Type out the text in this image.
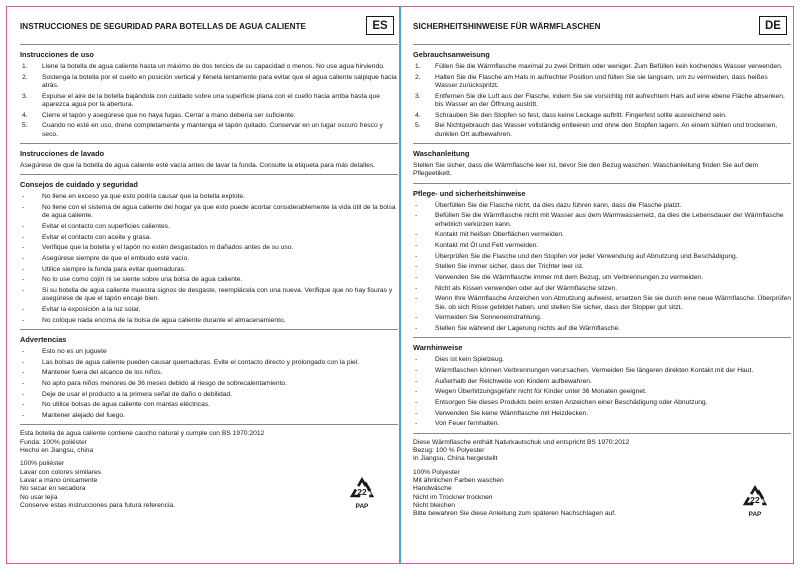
INSTRUCCIONES DE SEGURIDAD PARA BOTELLAS DE AGUA CALIENTE	ES
Instrucciones de uso
1.	Llene la botella de agua caliente hasta un máximo de dos tercios de su capacidad o menos. No use agua hirviendo.
2.	Sostenga la botella por el cuello en posición vertical y llénela lentamente para evitar que el agua caliente salpique hacia atrás.
3.	Expulse el aire de la botella bajándola con cuidado sobre una superficie plana con el cuello hacia arriba hasta que aparezca agua por la abertura.
4.	Cierre el tapón y asegúrese que no haya fugas. Cerrar a mano debería ser suficiente.
5.	Cuando no esté en uso, drene completamente y mantenga el tapón quitado. Conservar en un lugar oscuro fresco y seco.
Instrucciones de lavado
Asegúrese de que la botella de agua caliente esté vacía antes de lavar la funda. Consulte la etiqueta para más detalles.
Consejos de cuidado y seguridad
-	No llene en exceso ya que esto podría causar que la botella explote.
-	No llene con el sistema de agua caliente del hogar ya que esto puede acortar considerablemente la vida útil de la bolsa de agua caliente.
-	Evitar el contacto con superficies calientes.
-	Evitar el contacto con aceite y grasa.
-	Verifique que la botella y el tapón no estén desgastados ni dañados antes de su uso.
-	Asegúrese siempre de que el embudo esté vacío.
-	Utilice siempre la funda para evitar quemaduras.
-	No lo use como cojín ni se siente sobre una bolsa de agua caliente.
-	Si su botella de agua caliente muestra signos de desgaste, reemplácela con una nueva. Verifique que no hay fisuras y asegúrese de que el tapón encaje bien.
-	Evitar la exposición a la luz solar.
-	No coloque nada encima de la bolsa de agua caliente durante el almacenamiento.
Advertencias
-	Esto no es un juguete
-	Las bolsas de agua caliente pueden causar quemaduras. Evite el contacto directo y prolongado con la piel.
-	Mantener fuera del alcance de los niños.
-	No apto para niños menores de 36 meses debido al riesgo de sobrecalentamiento.
-	Deje de usar el producto a la primera señal de daño o debilidad.
-	No utilice bolsas de agua caliente con mantas eléctricas.
-	Mantener alejado del fuego.
Esta botella de agua caliente contiene caucho natural y cumple con BS 1970:2012
Funda: 100% poliéster
Hecho en Jiangsu, china
100% poliéster
Lavar con colores similares
Lavar a mano únicamente
No secar en secadora
No usar lejía
Conserve estas instrucciones para futura referencia.
22
PAP
SICHERHEITSHINWEISE FÜR WÄRMFLASCHEN	DE
Gebrauchsanweisung
1.	Füllen Sie die Wärmflasche maximal zu zwei Dritteln oder weniger. Zum Befüllen kein kochendes Wasser verwenden.
2.	Halten Sie die Flasche am Hals in aufrechter Position und füllen Sie sie langsam, um zu vermeiden, dass heißes Wasser zurückspritzt.
3.	Entfernen Sie die Luft aus der Flasche, indem Sie sie vorsichtig mit aufrechtem Hals auf eine ebene Fläche absenken, bis Wasser an der Öffnung austritt.
4.	Schrauben Sie den Stopfen so fest, dass keine Leckage auftritt. Fingerfest sollte ausreichend sein.
5.	Bei Nichtgebrauch das Wasser vollständig entleeren und ohne den Stopfen lagern. An einem kühlen und trockenen, dunklen Ort aufbewahren.
Waschanleitung
Stellen Sie sicher, dass die Wärmflasche leer ist, bevor Sie den Bezug waschen. Waschanleitung finden Sie auf dem Pflegeetikett.
Pflege- und sicherheitshinweise
-	Überfüllen Sie die Flasche nicht, da dies dazu führen kann, dass die Flasche platzt.
-	Befüllen Sie die Wärmflasche nicht mit Wasser aus dem Warmwassernetz, da dies die Lebensdauer der Wärmflasche erheblich verkürzen kann.
-	Kontakt mit heißen Oberflächen vermeiden.
-	Kontakt mit Öl und Fett vermeiden.
-	Überprüfen Sie die Flasche und den Stopfen vor jeder Verwendung auf Abnutzung und Beschädigung.
-	Stellen Sie immer sicher, dass der Trichter leer ist.
-	Verwenden Sie die Wärmflasche immer mit dem Bezug, um Verbrennungen zu vermeiden.
-	Nicht als Kissen verwenden oder auf der Wärmflasche sitzen.
-	Wenn Ihre Wärmflasche Anzeichen von Abnutzung aufweist, ersetzen Sie sie durch eine neue Wärmflasche. Überprüfen Sie, ob sich Risse gebildet haben, und stellen Sie sicher, dass der Stopper gut sitzt.
-	Vermeiden Sie Sonneneinstrahlung.
-	Stellen Sie während der Lagerung nichts auf die Wärmflasche.
Warnhinweise
-	Dies ist kein Spielzeug.
-	Wärmflaschen können Verbrennungen verursachen. Vermeiden Sie längeren direkten Kontakt mit der Haut.
-	Außerhalb der Reichweite von Kindern aufbewahren.
-	Wegen Überhitzungsgefahr nicht für Kinder unter 36 Monaten geeignet.
-	Entsorgen Sie dieses Produkts beim ersten Anzeichen einer Beschädigung oder Abnutzung.
-	Verwenden Sie keine Wärmflasche mit Heizdecken.
-	Von Feuer fernhalten.
Diese Wärmflasche enthält Naturkautschuk und entspricht BS 1970:2012
Bezug: 100 % Polyester
In Jiangsu, China hergestellt
100% Polyester
Mit ähnlichen Farben waschen
Handwäsche
Nicht im Trockner trocknen
Nicht bleichen
Bitte bewahren Sie diese Anleitung zum späteren Nachschlagen auf.
22
PAP
